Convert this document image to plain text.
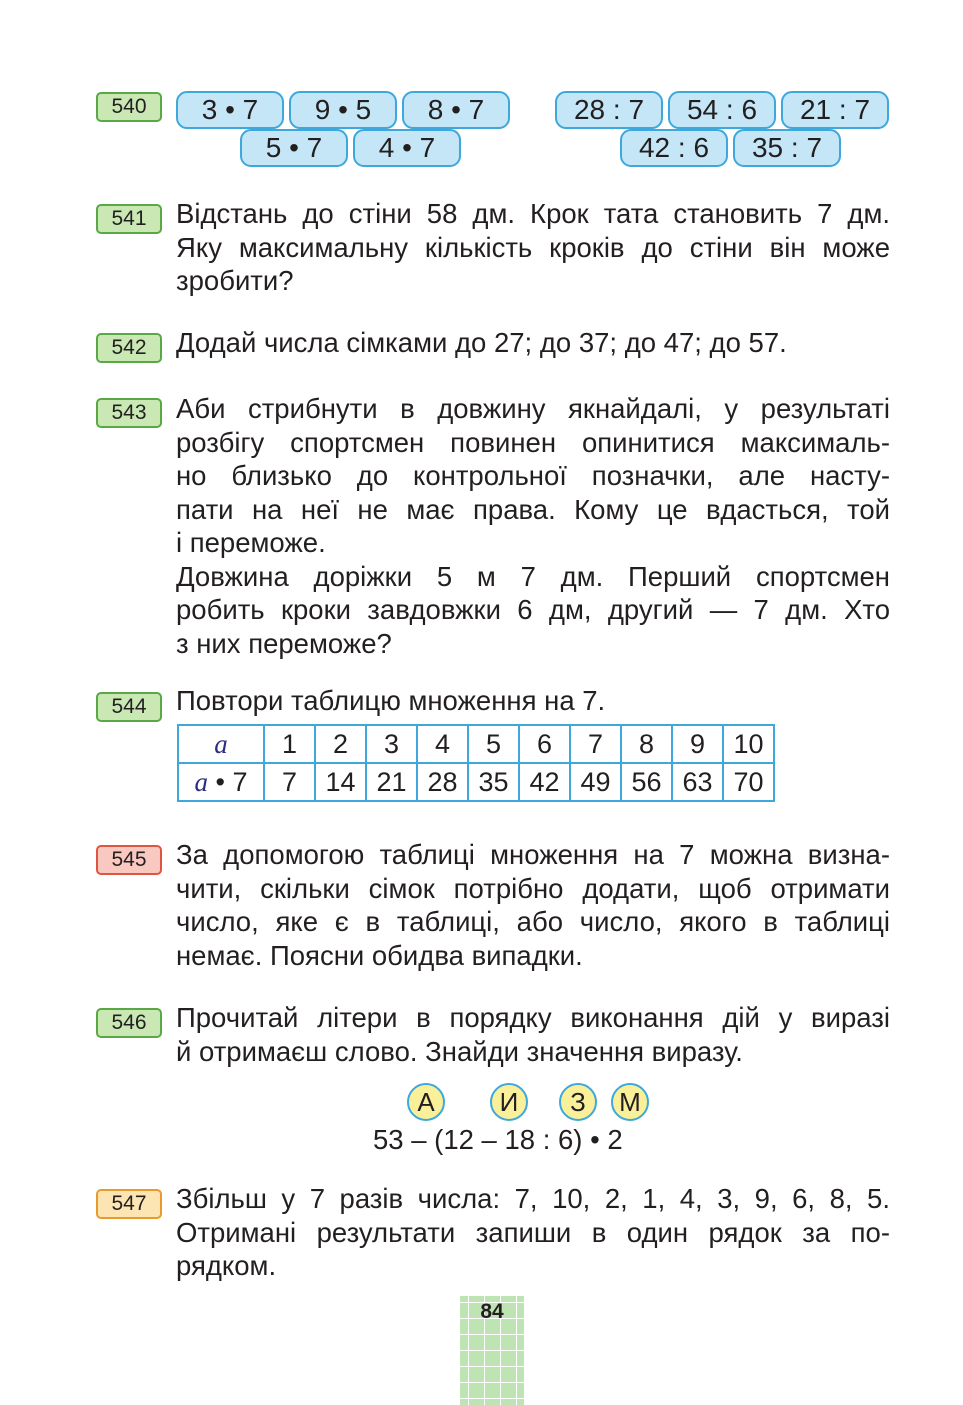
540	3 • 7	9 • 5	8 • 7
5 • 7	4 • 7
28 : 7	54 : 6	21 : 7
42 : 6	35 : 7
541	Відстань до стіни 58 дм. Крок тата становить 7 дм.
Яку максимальну кількість кроків до стіни він може
зробити?
542	Додай числа сімками до 27; до 37; до 47; до 57.
543	Аби стрибнути в довжину якнайдалі, у результаті
розбігу спортсмен повинен опинитися максималь-
но близько до контрольної позначки, але насту-
пати на неї не має права. Кому це вдасться, той
і переможе.
Довжина доріжки 5 м 7 дм. Перший спортсмен
робить кроки завдовжки 6 дм, другий — 7 дм. Хто
з них переможе?
544	Повтори таблицю множення на 7.
a	1	2	3	4	5	6	7	8	9	10
a • 7	7	14	21	28	35	42	49	56	63	70
545	За допомогою таблиці множення на 7 можна визна-
чити, скільки сімок потрібно додати, щоб отримати
число, яке є в таблиці, або число, якого в таблиці
немає. Поясни обидва випадки.
546	Прочитай літери в порядку виконання дій у виразі
й отримаєш слово. Знайди значення виразу.
А	И	З	М
53 – (12 – 18 : 6) • 2
547	Збільш у 7 разів числа: 7, 10, 2, 1, 4, 3, 9, 6, 8, 5.
Отримані результати запиши в один рядок за по-
рядком.
84
